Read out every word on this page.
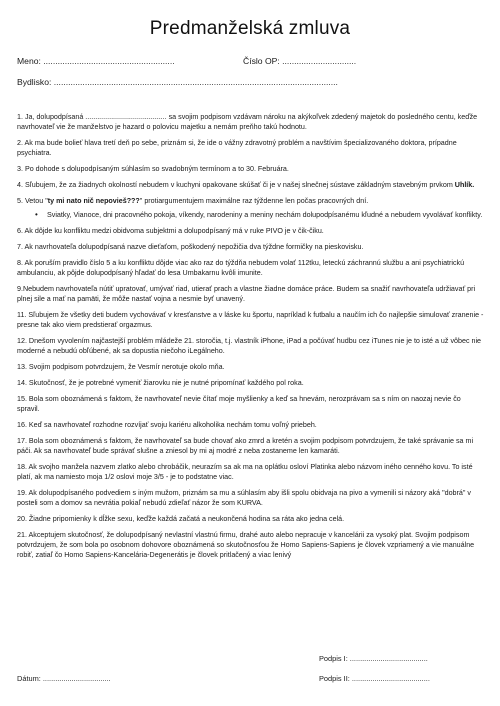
Predmanželská zmluva
Meno: .......................................................	Číslo OP: ...............................
Bydlisko: .......................................................................................................................

1. Ja, dolupodpísaná ......................................... sa svojim podpisom vzdávam nároku na akýkoľvek zdedený majetok do posledného centu, keďže navrhovateľ vie že manželstvo je hazard o polovicu majetku a nemám preňho takú hodnotu.

2. Ak ma bude bolieť hlava tretí deň po sebe, priznám si, že ide o vážny zdravotný problém a navštívim špecializovaného doktora, prípadne psychiatra.

3. Po dohode s dolupodpísaným súhlasím so svadobným termínom a to 30. Februára.

4. Sľubujem, že za žiadnych okolností nebudem v kuchyni opakovane skúšať či je v našej slnečnej sústave základným stavebným prvkom Uhlík.

5. Vetou "ty mi nato nič nepovieš???" protiargumentujem maximálne raz týždenne len počas pracovných dní.

• Sviatky, Vianoce, dni pracovného pokoja, víkendy, narodeniny a meniny nechám dolupodpísanému kľudné a nebudem vyvolávať konflikty.

6. Ak dôjde ku konfliktu medzi obidvoma subjektmi a dolupodpísaný má v ruke PIVO je v čik-čiku.

7. Ak navrhovateľa dolupodpísaná nazve dieťaťom, poškodený nepožičia dva týždne formičky na pieskovisku.

8. Ak poruším pravidlo číslo 5 a ku konfliktu dôjde viac ako raz do týždňa nebudem volať 112tku, leteckú záchrannú službu a ani psychiatrickú ambulanciu, ak pôjde dolupodpísaný hľadať do lesa Umbakarnu kvôli imunite.

9.Nebudem navrhovateľa nútiť upratovať, umývať riad, utierať prach a vlastne žiadne domáce práce. Budem sa snažiť navrhovateľa udržiavať pri plnej sile a mať na pamäti, že môže nastať vojna a nesmie byť unavený.

11. Sľubujem že všetky deti budem vychovávať v kresťanstve a v láske ku športu, napríklad k futbalu a naučím ich čo najlepšie simulovať zranenie - presne tak ako viem predstierať orgazmus.

12. Dnešom vyvolením najčastejší problém mládeže 21. storočia, t.j. vlastník iPhone, iPad a počúvať hudbu cez iTunes nie je to isté a už vôbec nie moderné a nebudú obľúbené, ak sa dopustia niečoho iLegálneho.

13. Svojim podpisom potvrdzujem, že Vesmír nerotuje okolo mňa.

14. Skutočnosť, že je potrebné vymeniť žiarovku nie je nutné pripomínať každého pol roka.

15. Bola som oboznámená s faktom, že navrhovateľ nevie čítať moje myšlienky a keď sa hnevám, nerozprávam sa s ním on naozaj nevie čo spravil.

16. Keď sa navrhovateľ rozhodne rozvíjať svoju kariéru alkoholika nechám tomu voľný priebeh.

17. Bola som oboznámená s faktom, že navrhovateľ sa bude chovať ako zmrd a kretén a svojim podpisom potvrdzujem, že také správanie sa mi páči. Ak sa navrhovateľ bude správať slušne a zniesol by mi aj modré z neba zostaneme len kamaráti.

18. Ak svojho manžela nazvem zlatko alebo chrobáčik, neurazím sa ak ma na oplátku osloví Platinka alebo názvom iného cenného kovu. To isté platí, ak ma namiesto moja 1/2 oslovi moje 3/5 - je to podstatne viac.

19. Ak dolupodpísaného podvediem s iným mužom, priznám sa mu a súhlasím aby išli spolu obidvaja na pivo a vymenili si názory aká "dobrá" v posteli som a domov sa nevrátia pokiaľ nebudú zdieľať názor že som KURVA.

20. Žiadne pripomienky k dĺžke sexu, keďže každá začatá a neukončená hodina sa ráta ako jedna celá.

21. Akceptujem skutočnosť, že dolupodpísaný nevlastní vlastnú firmu, drahé auto alebo nepracuje v kancelárii za vysoký plat. Svojim podpisom potvrdzujem, že som bola po osobnom dohovore oboznámená so skutočnosťou že Homo Sapiens-Sapiens je človek vzpriamený a vie manuálne robiť, zatiaľ čo Homo Sapiens-Kancelária-Degenerátis je človek pritlačený a viac lenivý

Podpis I: ......................................
Dátum: .................................	Podpis II: ......................................
